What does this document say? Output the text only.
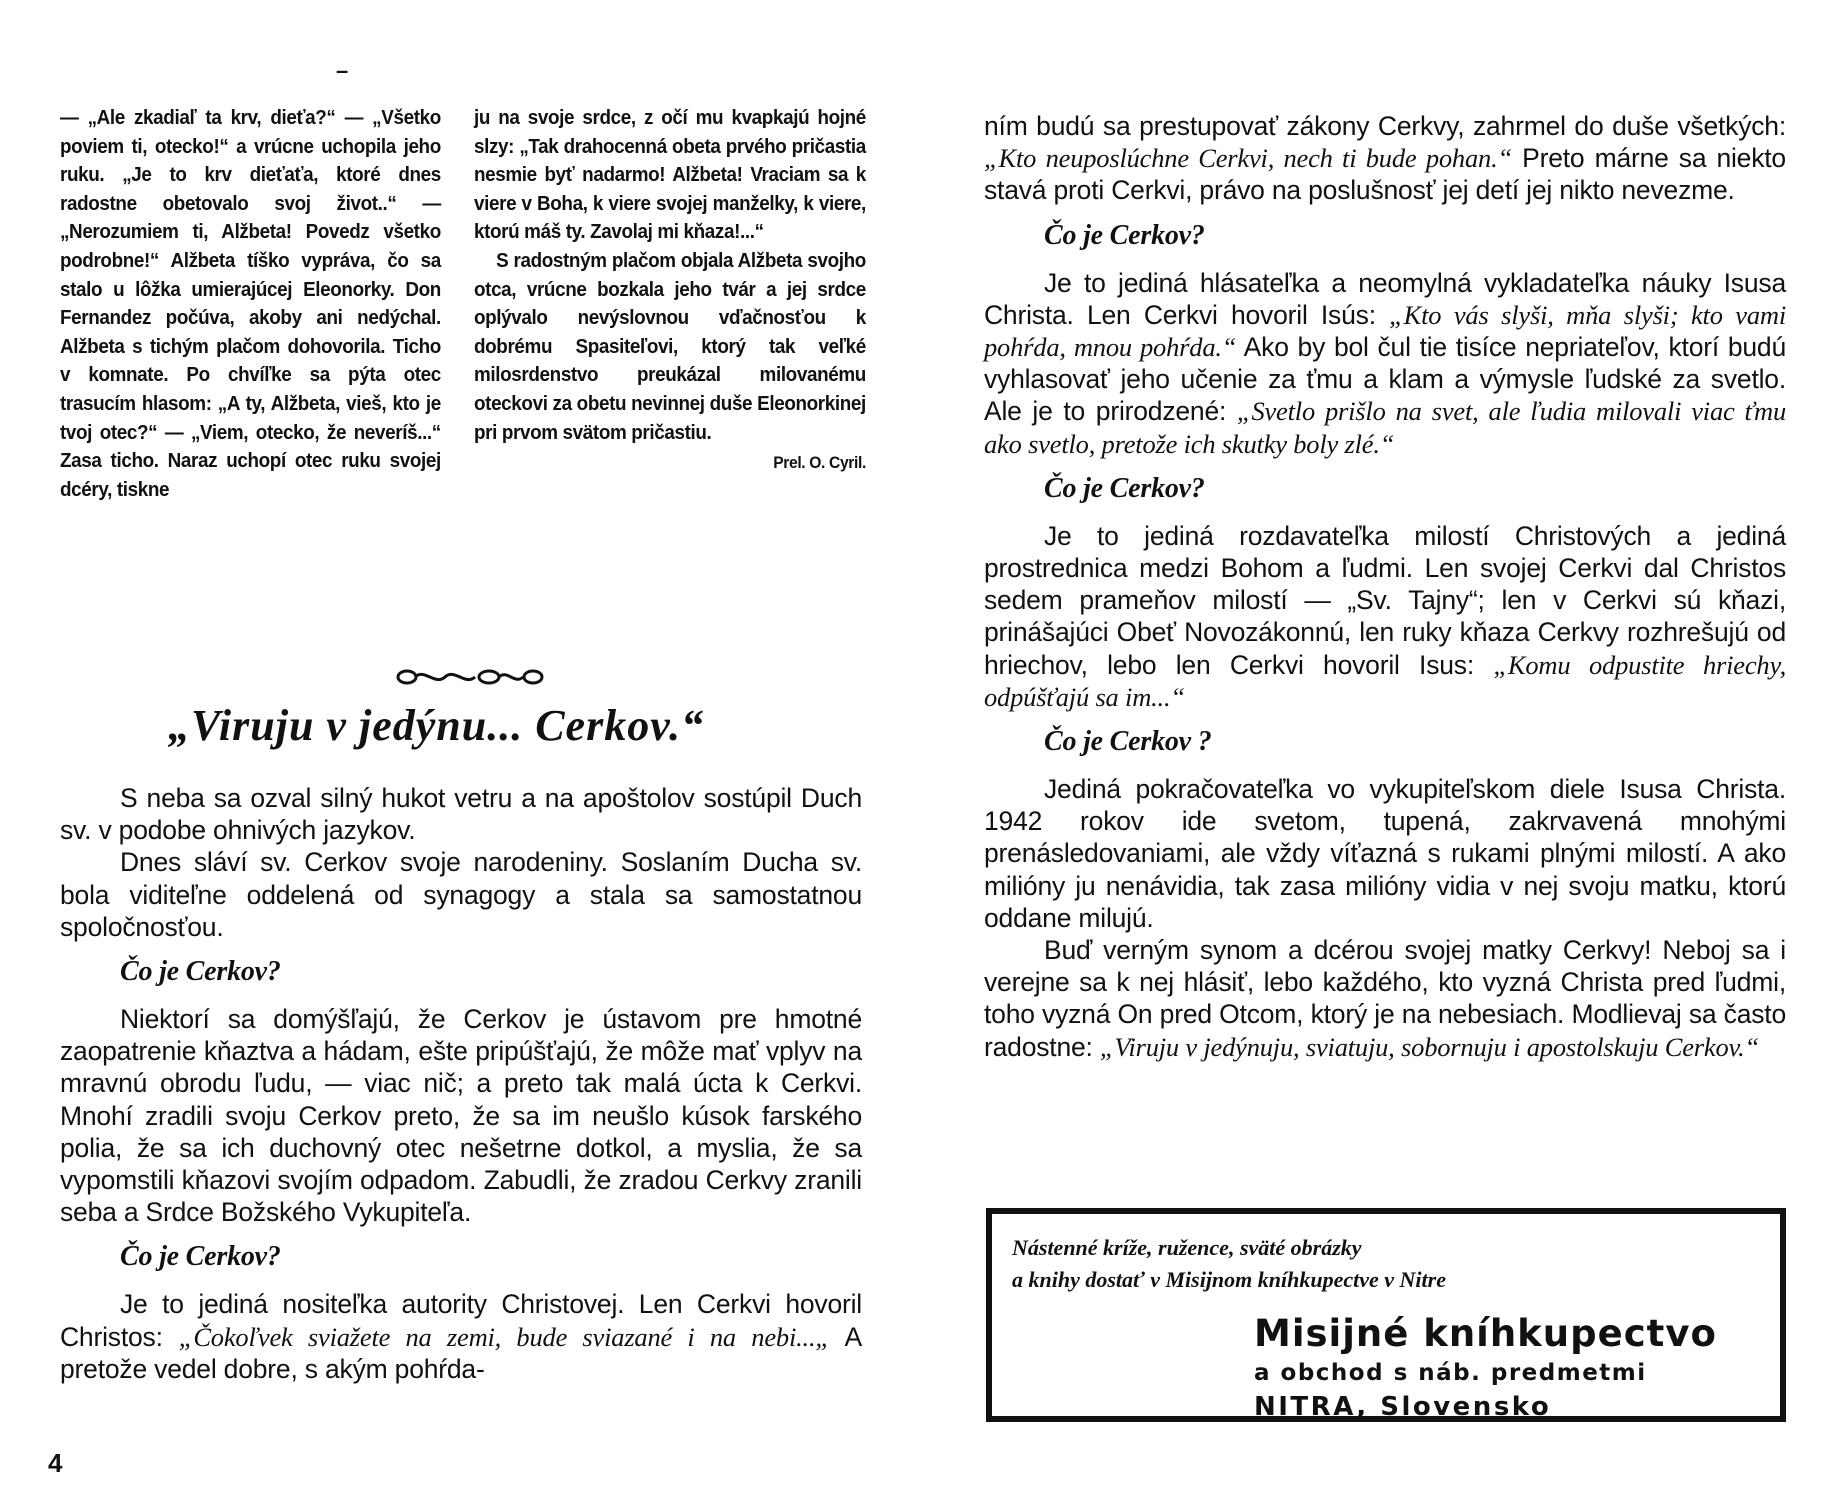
–

— „Ale zkadiaľ ta krv, dieťa?“ — „Všetko poviem ti, otecko!“ a vrúcne uchopila jeho ruku. „Je to krv dieťaťa, ktoré dnes radostne obetovalo svoj život..“ — „Nerozumiem ti, Alžbeta! Povedz všetko podrobne!“ Alžbeta tíško vypráva, čo sa stalo u lôžka umierajúcej Eleonorky. Don Fernandez počúva, akoby ani nedýchal. Alžbeta s tichým plačom dohovorila. Ticho v komnate. Po chvíľke sa pýta otec trasucím hlasom: „A ty, Alžbeta, vieš, kto je tvoj otec?“ — „Viem, otecko, že neveríš...“ Zasa ticho. Naraz uchopí otec ruku svojej dcéry, tiskne

ju na svoje srdce, z očí mu kvapkajú hojné slzy: „Tak drahocenná obeta prvého pričastia nesmie byť nadarmo! Alžbeta! Vraciam sa k viere v Boha, k viere svojej manželky, k viere, ktorú máš ty. Zavolaj mi kňaza!...“

S radostným plačom objala Alžbeta svojho otca, vrúcne bozkala jeho tvár a jej srdce oplývalo nevýslovnou vďačnosťou k dobrému Spasiteľovi, ktorý tak veľké milosrdenstvo preukázal milovanému oteckovi za obetu nevinnej duše Eleonorkinej pri prvom svätom pričastiu.

Prel. O. Cyril.

„Viruju v jedýnu... Cerkov.“

S neba sa ozval silný hukot vetru a na apoštolov sostúpil Duch sv. v podobe ohnivých jazykov.

Dnes sláví sv. Cerkov svoje narodeniny. Soslaním Ducha sv. bola viditeľne oddelená od synagogy a stala sa samostatnou spoločnosťou.

Čo je Cerkov?

Niektorí sa domýšľajú, že Cerkov je ústavom pre hmotné zaopatrenie kňaztva a hádam, ešte pripúšťajú, že môže mať vplyv na mravnú obrodu ľudu, — viac nič; a preto tak malá úcta k Cerkvi. Mnohí zradili svoju Cerkov preto, že sa im neušlo kúsok farského polia, že sa ich duchovný otec nešetrne dotkol, a myslia, že sa vypomstili kňazovi svojím odpadom. Zabudli, že zradou Cerkvy zranili seba a Srdce Božského Vykupiteľa.

Čo je Cerkov?

Je to jediná nositeľka autority Christovej. Len Cerkvi hovoril Christos: „Čokoľvek sviažete na zemi, bude sviazané i na nebi...„ A pretože vedel dobre, s akým pohŕda-

4

ním budú sa prestupovať zákony Cerkvy, zahrmel do duše všetkých: „Kto neuposlúchne Cerkvi, nech ti bude pohan.“ Preto márne sa niekto stavá proti Cerkvi, právo na poslušnosť jej detí jej nikto nevezme.

Čo je Cerkov?

Je to jediná hlásateľka a neomylná vykladateľka náuky Isusa Christa. Len Cerkvi hovoril Isús: „Kto vás slyši, mňa slyši; kto vami pohŕda, mnou pohŕda.“ Ako by bol čul tie tisíce nepriateľov, ktorí budú vyhlasovať jeho učenie za ťmu a klam a výmysle ľudské za svetlo. Ale je to prirodzené: „Svetlo prišlo na svet, ale ľudia milovali viac ťmu ako svetlo, pretože ich skutky boly zlé.“

Čo je Cerkov?

Je to jediná rozdavateľka milostí Christových a jediná prostrednica medzi Bohom a ľudmi. Len svojej Cerkvi dal Christos sedem prameňov milostí — „Sv. Tajny“; len v Cerkvi sú kňazi, prinášajúci Obeť Novozákonnú, len ruky kňaza Cerkvy rozhrešujú od hriechov, lebo len Cerkvi hovoril Isus: „Komu odpustite hriechy, odpúšťajú sa im...“

Čo je Cerkov ?

Jediná pokračovateľka vo vykupiteľskom diele Isusa Christa. 1942 rokov ide svetom, tupená, zakrvavená mnohými prenásledovaniami, ale vždy víťazná s rukami plnými milostí. A ako milióny ju nenávidia, tak zasa milióny vidia v nej svoju matku, ktorú oddane milujú.

Buď verným synom a dcérou svojej matky Cerkvy! Neboj sa i verejne sa k nej hlásiť, lebo každého, kto vyzná Christa pred ľudmi, toho vyzná On pred Otcom, ktorý je na nebesiach. Modlievaj sa často radostne: „Viruju v jedýnuju, sviatuju, sobornuju i apostolskuju Cerkov.“

Nástenné kríže, ružence, sväté obrázky

a knihy dostať v Misijnom kníhkupectve v Nitre

Misijné kníhkupectvo

a obchod s náb. predmetmi

NITRA, Slovensko
